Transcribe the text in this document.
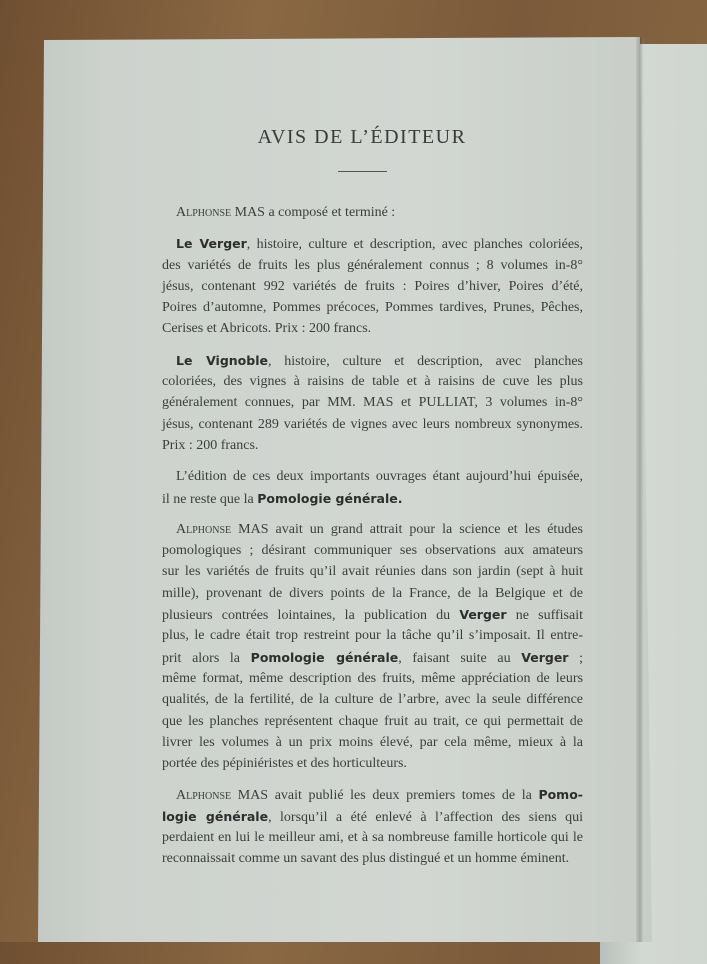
AVIS DE L’ÉDITEUR
Alphonse MAS a composé et terminé :
Le Verger, histoire, culture et description, avec planches coloriées,
des variétés de fruits les plus généralement connus ; 8 volumes in-8°
jésus, contenant 992 variétés de fruits : Poires d’hiver, Poires d’été,
Poires d’automne, Pommes précoces, Pommes tardives, Prunes, Pêches,
Cerises et Abricots. Prix : 200 francs.
Le Vignoble, histoire, culture et description, avec planches
coloriées, des vignes à raisins de table et à raisins de cuve les plus
généralement connues, par MM. MAS et PULLIAT, 3 volumes in-8°
jésus, contenant 289 variétés de vignes avec leurs nombreux synonymes.
Prix : 200 francs.
L’édition de ces deux importants ouvrages étant aujourd’hui épuisée,
il ne reste que la Pomologie générale.
Alphonse MAS avait un grand attrait pour la science et les études
pomologiques ; désirant communiquer ses observations aux amateurs
sur les variétés de fruits qu’il avait réunies dans son jardin (sept à huit
mille), provenant de divers points de la France, de la Belgique et de
plusieurs contrées lointaines, la publication du Verger ne suffisait
plus, le cadre était trop restreint pour la tâche qu’il s’imposait. Il entre-
prit alors la Pomologie générale, faisant suite au Verger ;
même format, même description des fruits, même appréciation de leurs
qualités, de la fertilité, de la culture de l’arbre, avec la seule différence
que les planches représentent chaque fruit au trait, ce qui permettait de
livrer les volumes à un prix moins élevé, par cela même, mieux à la
portée des pépiniéristes et des horticulteurs.
Alphonse MAS avait publié les deux premiers tomes de la Pomo-
logie générale, lorsqu’il a été enlevé à l’affection des siens qui
perdaient en lui le meilleur ami, et à sa nombreuse famille horticole qui le
reconnaissait comme un savant des plus distingué et un homme éminent.
